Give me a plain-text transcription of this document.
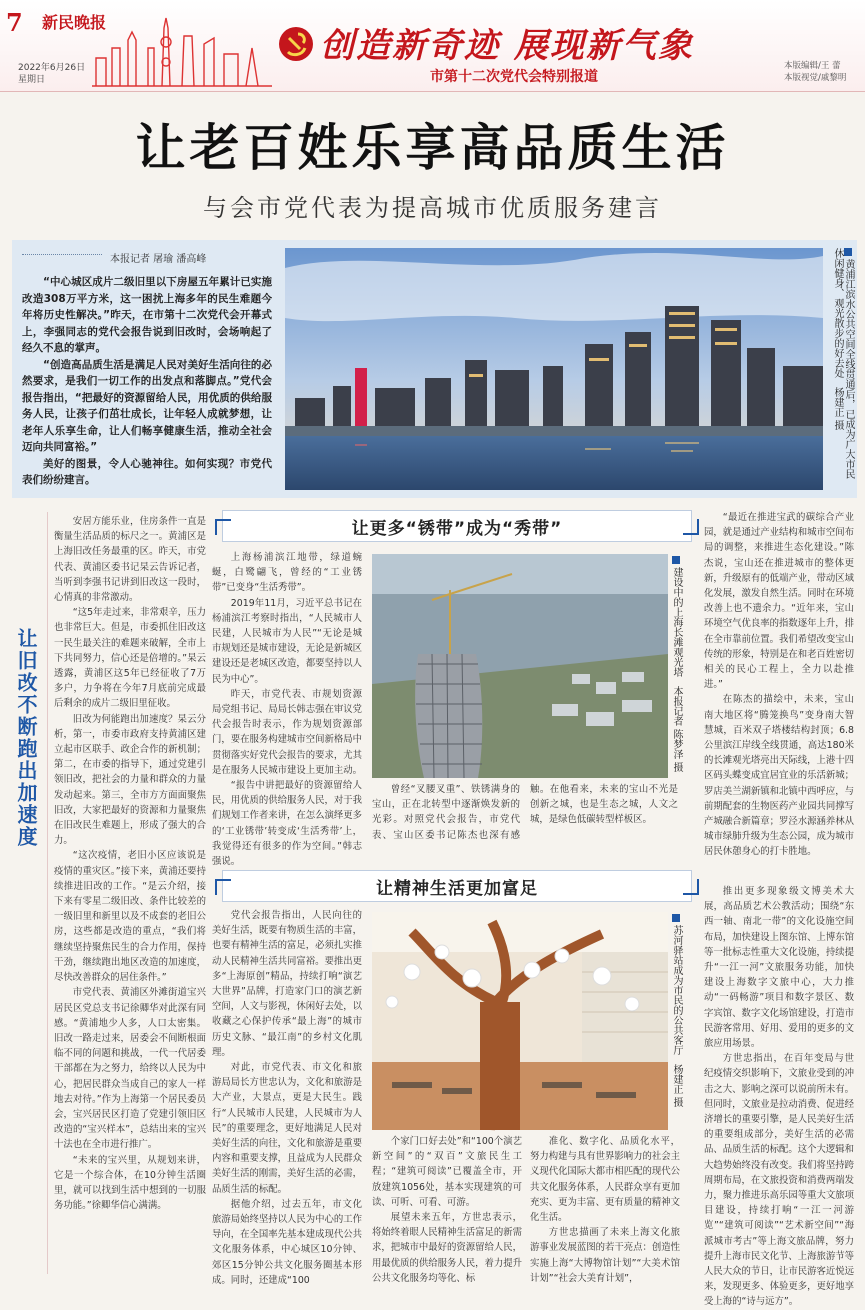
7 新民晚报
2022年6月26日
星期日
创造新奇迹 展现新气象
市第十二次党代会特别报道
本版编辑/王 蕾
本版视觉/戚黎明
让老百姓乐享高品质生活
与会市党代表为提高城市优质服务建言
本报记者 屠瑜 潘高峰

“中心城区成片二级旧里以下房屋五年累计已实施改造308万平方米，这一困扰上海多年的民生难题今年将历史性解决。”昨天，在市第十二次党代会开幕式上，李强同志的党代会报告说到旧改时，会场响起了经久不息的掌声。

“创造高品质生活是满足人民对美好生活向往的必然要求，是我们一切工作的出发点和落脚点。”党代会报告指出，“把最好的资源留给人民，用优质的供给服务人民，让孩子们茁壮成长，让年轻人成就梦想，让老年人乐享生命，让人们畅享健康生活，推动全社会迈向共同富裕。”

美好的图景，令人心驰神往。如何实现？市党代表们纷纷建言。

黄浦江滨水公共空间全线贯通后，已成为广大市民休闲健身、观光散步的好去处 杨建正 摄
让旧改不断跑出加速度

安居方能乐业，住房条件一直是衡量生活品质的标尺之一。黄浦区是上海旧改任务最重的区。昨天，市党代表、黄浦区委书记杲云告诉记者，当听到李强书记讲到旧改这一段时，心情真的非常激动。

“这5年走过来，非常艰辛，压力也非常巨大。但是，市委抓住旧改这一民生最关注的难题来破解，全市上下共同努力，信心还是倍增的。”杲云透露，黄浦区这5年已经征收了7万多户，力争将在今年7月底前完成最后剩余的成片二级旧里征收。

旧改为何能跑出加速度？杲云分析，第一，市委市政府支持黄浦区建立起市区联手、政企合作的新机制；第二，在市委的指导下，通过党建引领旧改，把社会的力量和群众的力量发动起来。第三，全市方方面面聚焦旧改，大家把最好的资源和力量聚焦在旧改民生难题上，形成了强大的合力。

“这次疫情，老旧小区应该说是疫情的重灾区。”接下来，黄浦还要持续推进旧改的工作。“是云介绍，接下来有零星二级旧改、条件比较差的一级旧里和新里以及不成套的老旧公房，这些都是改造的重点，“我们将继续坚持聚焦民生的合力作用，保持干劲，继续跑出地区改造的加速度，尽快改善群众的居住条件。”

市党代表、黄浦区外滩街道宝兴居民区党总支书记徐卿华对此深有同感。“黄浦地少人多，人口太密集。旧改一路走过来，居委会不间断根面临不同的问题和挑战，一代一代居委干部都在为之努力，给终以人民为中心，把居民群众当成自己的家人一样地去对待。”作为上海第一个居民委员会，宝兴居民区打造了党建引领旧区改造的“宝兴样本”，总结出来的宝兴十法也在全市进行推广。

“未来的宝兴里，从规划来讲，它是一个综合体，在10分钟生活圈里，就可以找到生活中想到的一切服务功能。”徐卿华信心满满。

让更多“锈带”成为“秀带”

上海杨浦滨江地带，绿道蜿蜒，白鹭翩飞，曾经的“工业锈带”已变身“生活秀带”。

2019年11月，习近平总书记在杨浦滨江考察时指出，“人民城市人民建，人民城市为人民”“无论是城市规划还是城市建设，无论是新城区建设还是老城区改造，都要坚持以人民为中心”。

昨天，市党代表、市规划资源局党组书记、局局长韩志强在审议党代会报告时表示，作为规划资源部门，要在服务构建城市空间新格局中贯彻落实好党代会报告的要求，尤其是在服务人民城市建设上更加主动。

“报告中讲把最好的资源留给人民，用优质的供给服务人民，对于我们规划工作者来讲，在怎么演绎更多的‘工业锈带’转变成‘生活秀带’上，我觉得还有很多的作为空间。”韩志强说。

建设中的上海长滩观光塔 本报记者 陈梦泽 摄

曾经“叉腰叉重”、铁锈满身的宝山，正在北转型中逐渐焕发新的光彩。对照党代会报告，市党代表、宝山区委书记陈杰也深有感触。在他看来，未来的宝山不光是创新之城，也是生态之城，人文之城，是绿色低碳转型样板区。

“最近在推进宝武的碳综合产业园，就是通过产业结构和城市空间布局的调整，来推进生态化建设。”陈杰说，宝山还在推进城市的整体更新，升级原有的低端产业，带动区域化发展，激发自然生活。同时在环境改善上也不遗余力。“近年来，宝山环境空气优良率的指数逐年上升，排在全市靠前位置。我们希望改变宝山传统的形象，特别是在和老百姓密切相关的民心工程上，全力以赴推进。”

在陈杰的描绘中，未来，宝山南大地区将“腾笼换鸟”变身南大智慧城，百米双子塔楼结构封顶；6.8公里滨江岸线全线贯通，高达180米的长滩观光塔亮出天际线，上港十四区码头蝶变成宜居宜业的乐活新城；罗店美兰湖新镇和北镇中西呼应，与前期配套的生物医药产业园共同撑写产城融合新篇章；罗泾水源涵养林从城市绿肺升级为生态公园，成为城市居民休憩身心的打卡胜地。

让精神生活更加富足

党代会报告指出，人民向往的美好生活，既要有物质生活的丰富，也要有精神生活的富足，必须扎实推动人民精神生活共同富裕。要推出更多“上海原创”精品，持续打响“演艺大世界”品牌，打造家门口的演艺新空间，人文与影视，休闲好去处，以收藏之心保护传承“最上海”的城市历史文脉、“最江南”的乡村文化肌理。

对此，市党代表、市文化和旅游局局长方世忠认为，文化和旅游是大产业，大景点，更是大民生。践行“人民城市人民建，人民城市为人民”的重要理念，更好地满足人民对美好生活的向往，文化和旅游是重要内容和重要支撑，且益成为人民群众美好生活的刚需，美好生活的必需，品质生活的标配。

据他介绍，过去五年，市文化旅游局始终坚持以人民为中心的工作导向，在全国率先基本建成现代公共文化服务体系，中心城区10分钟、郊区15分钟公共文化服务圈基本形成。同时，还建成“100

苏河驿站成为市民的公共客厅 杨建正 摄

个家门口好去处”和“100个演艺新空间”的“双百”文旅民生工程；“建筑可阅读”已覆盖全市，开放建筑1056处，基本实现建筑的可读、可听、可看、可游。

展望未来五年，方世忠表示，将始终着眼人民精神生活富足的新需求，把城市中最好的资源留给人民，用最优质的供给服务人民，着力提升公共文化服务均等化、标

准化、数字化、品质化水平，努力构建与具有世界影响力的社会主义现代化国际大都市相匹配的现代公共文化服务体系，人民群众享有更加充实、更为丰富、更有质量的精神文化生活。

方世忠描画了未来上海文化旅游事业发展蓝图的若干亮点：创造性实施上海“大博物馆计划”“大美术馆计划”“社会大美育计划”，

推出更多现象级文博美术大展，高品质艺术公教活动；围绕“东西一轴、南北一带”的文化设施空间布局，加快建设上图东馆、上博东馆等一批标志性重大文化设施，持续提升“一江一河”文旅服务功能，加快建设上海数字文旅中心，大力推动“一码畅游”项目和数字景区、数字宾馆、数字文化场馆建设，打造市民游客常用、好用、爱用的更多的文旅应用场景。

方世忠指出，在百年变局与世纪疫情交织影响下，文旅业受到的冲击之大、影响之深可以说前所未有。但同时，文旅业是拉动消费、促进经济增长的重要引擎，是人民美好生活的重要组成部分，美好生活的必需品、品质生活的标配。这个大逻辑和大趋势始终没有改变。我们将坚持跨周期布局，在文旅投资和消费两端发力，聚力推进乐高乐园等重大文旅项目建设，持续打响“一江一河游览”“建筑可阅读”“艺术新空间”“海派城市考古”等上海文旅品牌，努力提升上海市民文化节、上海旅游节等人民大众的节日，让市民游客近悦远来，发现更多、体验更多，更好地享受上海的“诗与远方”。
